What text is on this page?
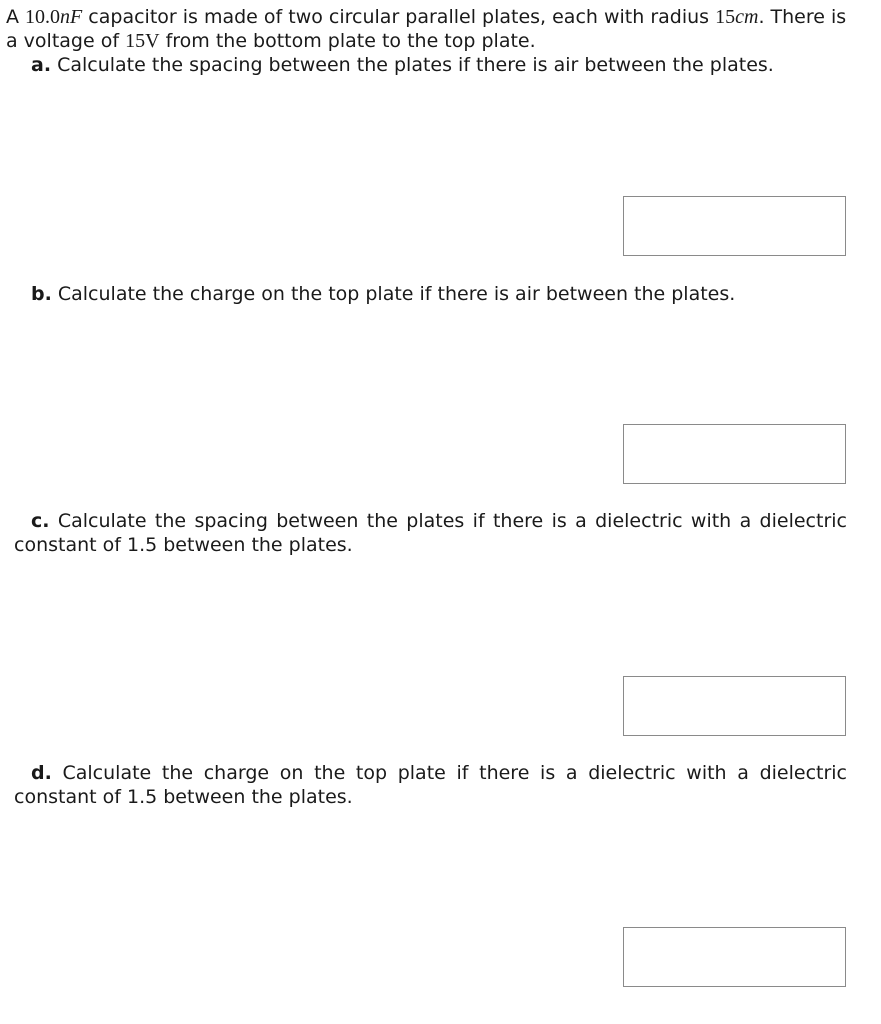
A 10.0nF capacitor is made of two circular parallel plates, each with radius 15cm. There is a voltage of 15V from the bottom plate to the top plate.

a. Calculate the spacing between the plates if there is air between the plates.

b. Calculate the charge on the top plate if there is air between the plates.

c. Calculate the spacing between the plates if there is a dielectric with a dielectric constant of 1.5 between the plates.

d. Calculate the charge on the top plate if there is a dielectric with a dielectric constant of 1.5 between the plates.
